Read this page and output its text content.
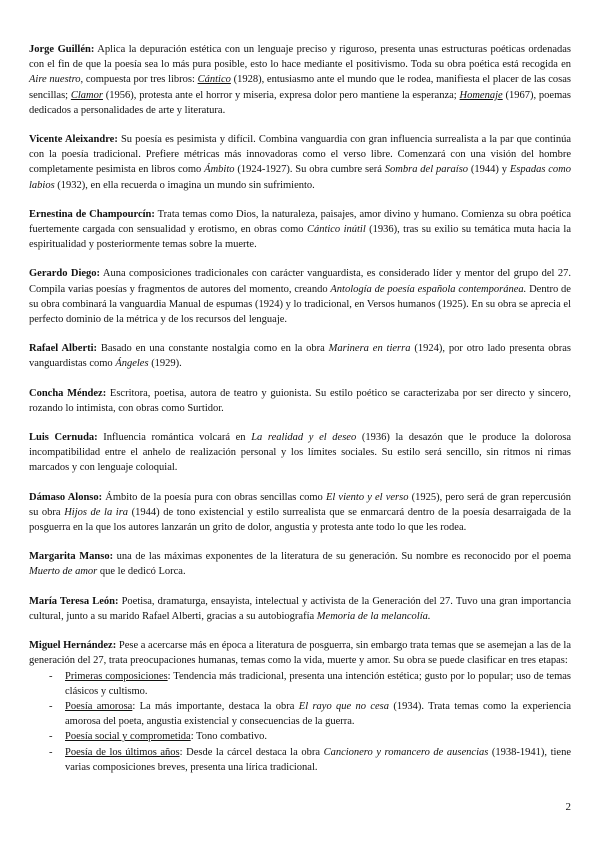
Jorge Guillén: Aplica la depuración estética con un lenguaje preciso y riguroso, presenta unas estructuras poéticas ordenadas con el fin de que la poesía sea lo más pura posible, esto lo hace mediante el positivismo. Toda su obra poética está recogida en Aire nuestro, compuesta por tres libros: Cántico (1928), entusiasmo ante el mundo que le rodea, manifiesta el placer de las cosas sencillas; Clamor (1956), protesta ante el horror y miseria, expresa dolor pero mantiene la esperanza; Homenaje (1967), poemas dedicados a personalidades de arte y literatura.

Vicente Aleixandre: Su poesía es pesimista y difícil. Combina vanguardia con gran influencia surrealista a la par que continúa con la poesía tradicional. Prefiere métricas más innovadoras como el verso libre. Comenzará con una visión del hombre completamente pesimista en libros como Ámbito (1924-1927). Su obra cumbre será Sombra del paraíso (1944) y Espadas como labios (1932), en ella recuerda o imagina un mundo sin sufrimiento.

Ernestina de Champourcín: Trata temas como Dios, la naturaleza, paisajes, amor divino y humano. Comienza su obra poética fuertemente cargada con sensualidad y erotismo, en obras como Cántico inútil (1936), tras su exilio su temática muta hacia la espiritualidad y posteriormente temas sobre la muerte.

Gerardo Diego: Auna composiciones tradicionales con carácter vanguardista, es considerado líder y mentor del grupo del 27. Compila varias poesías y fragmentos de autores del momento, creando Antología de poesía española contemporánea. Dentro de su obra combinará la vanguardia Manual de espumas (1924) y lo tradicional, en Versos humanos (1925). En su obra se aprecia el perfecto dominio de la métrica y de los recursos del lenguaje.

Rafael Alberti: Basado en una constante nostalgia como en la obra Marinera en tierra (1924), por otro lado presenta obras vanguardistas como Ángeles (1929).

Concha Méndez: Escritora, poetisa, autora de teatro y guionista. Su estilo poético se caracterizaba por ser directo y sincero, rozando lo intimista, con obras como Surtidor.

Luis Cernuda: Influencia romántica volcará en La realidad y el deseo (1936) la desazón que le produce la dolorosa incompatibilidad entre el anhelo de realización personal y los límites sociales. Su estilo será sencillo, sin ritmos ni rimas marcados y con lenguaje coloquial.

Dámaso Alonso: Ámbito de la poesía pura con obras sencillas como El viento y el verso (1925), pero será de gran repercusión su obra Hijos de la ira (1944) de tono existencial y estilo surrealista que se enmarcará dentro de la poesía desarraigada de la posguerra en la que los autores lanzarán un grito de dolor, angustia y protesta ante todo lo que les rodea.

Margarita Manso: una de las máximas exponentes de la literatura de su generación. Su nombre es reconocido por el poema Muerto de amor que le dedicó Lorca.

María Teresa León: Poetisa, dramaturga, ensayista, intelectual y activista de la Generación del 27. Tuvo una gran importancia cultural, junto a su marido Rafael Alberti, gracias a su autobiografía Memoria de la melancolía.

Miguel Hernández: Pese a acercarse más en época a literatura de posguerra, sin embargo trata temas que se asemejan a las de la generación del 27, trata preocupaciones humanas, temas como la vida, muerte y amor. Su obra se puede clasificar en tres etapas:
- Primeras composiciones: Tendencia más tradicional, presenta una intención estética; gusto por lo popular; uso de temas clásicos y cultismo.
- Poesía amorosa: La más importante, destaca la obra El rayo que no cesa (1934). Trata temas como la experiencia amorosa del poeta, angustia existencial y consecuencias de la guerra.
- Poesía social y comprometida: Tono combativo.
- Poesía de los últimos años: Desde la cárcel destaca la obra Cancionero y romancero de ausencias (1938-1941), tiene varias composiciones breves, presenta una lírica tradicional.

2
